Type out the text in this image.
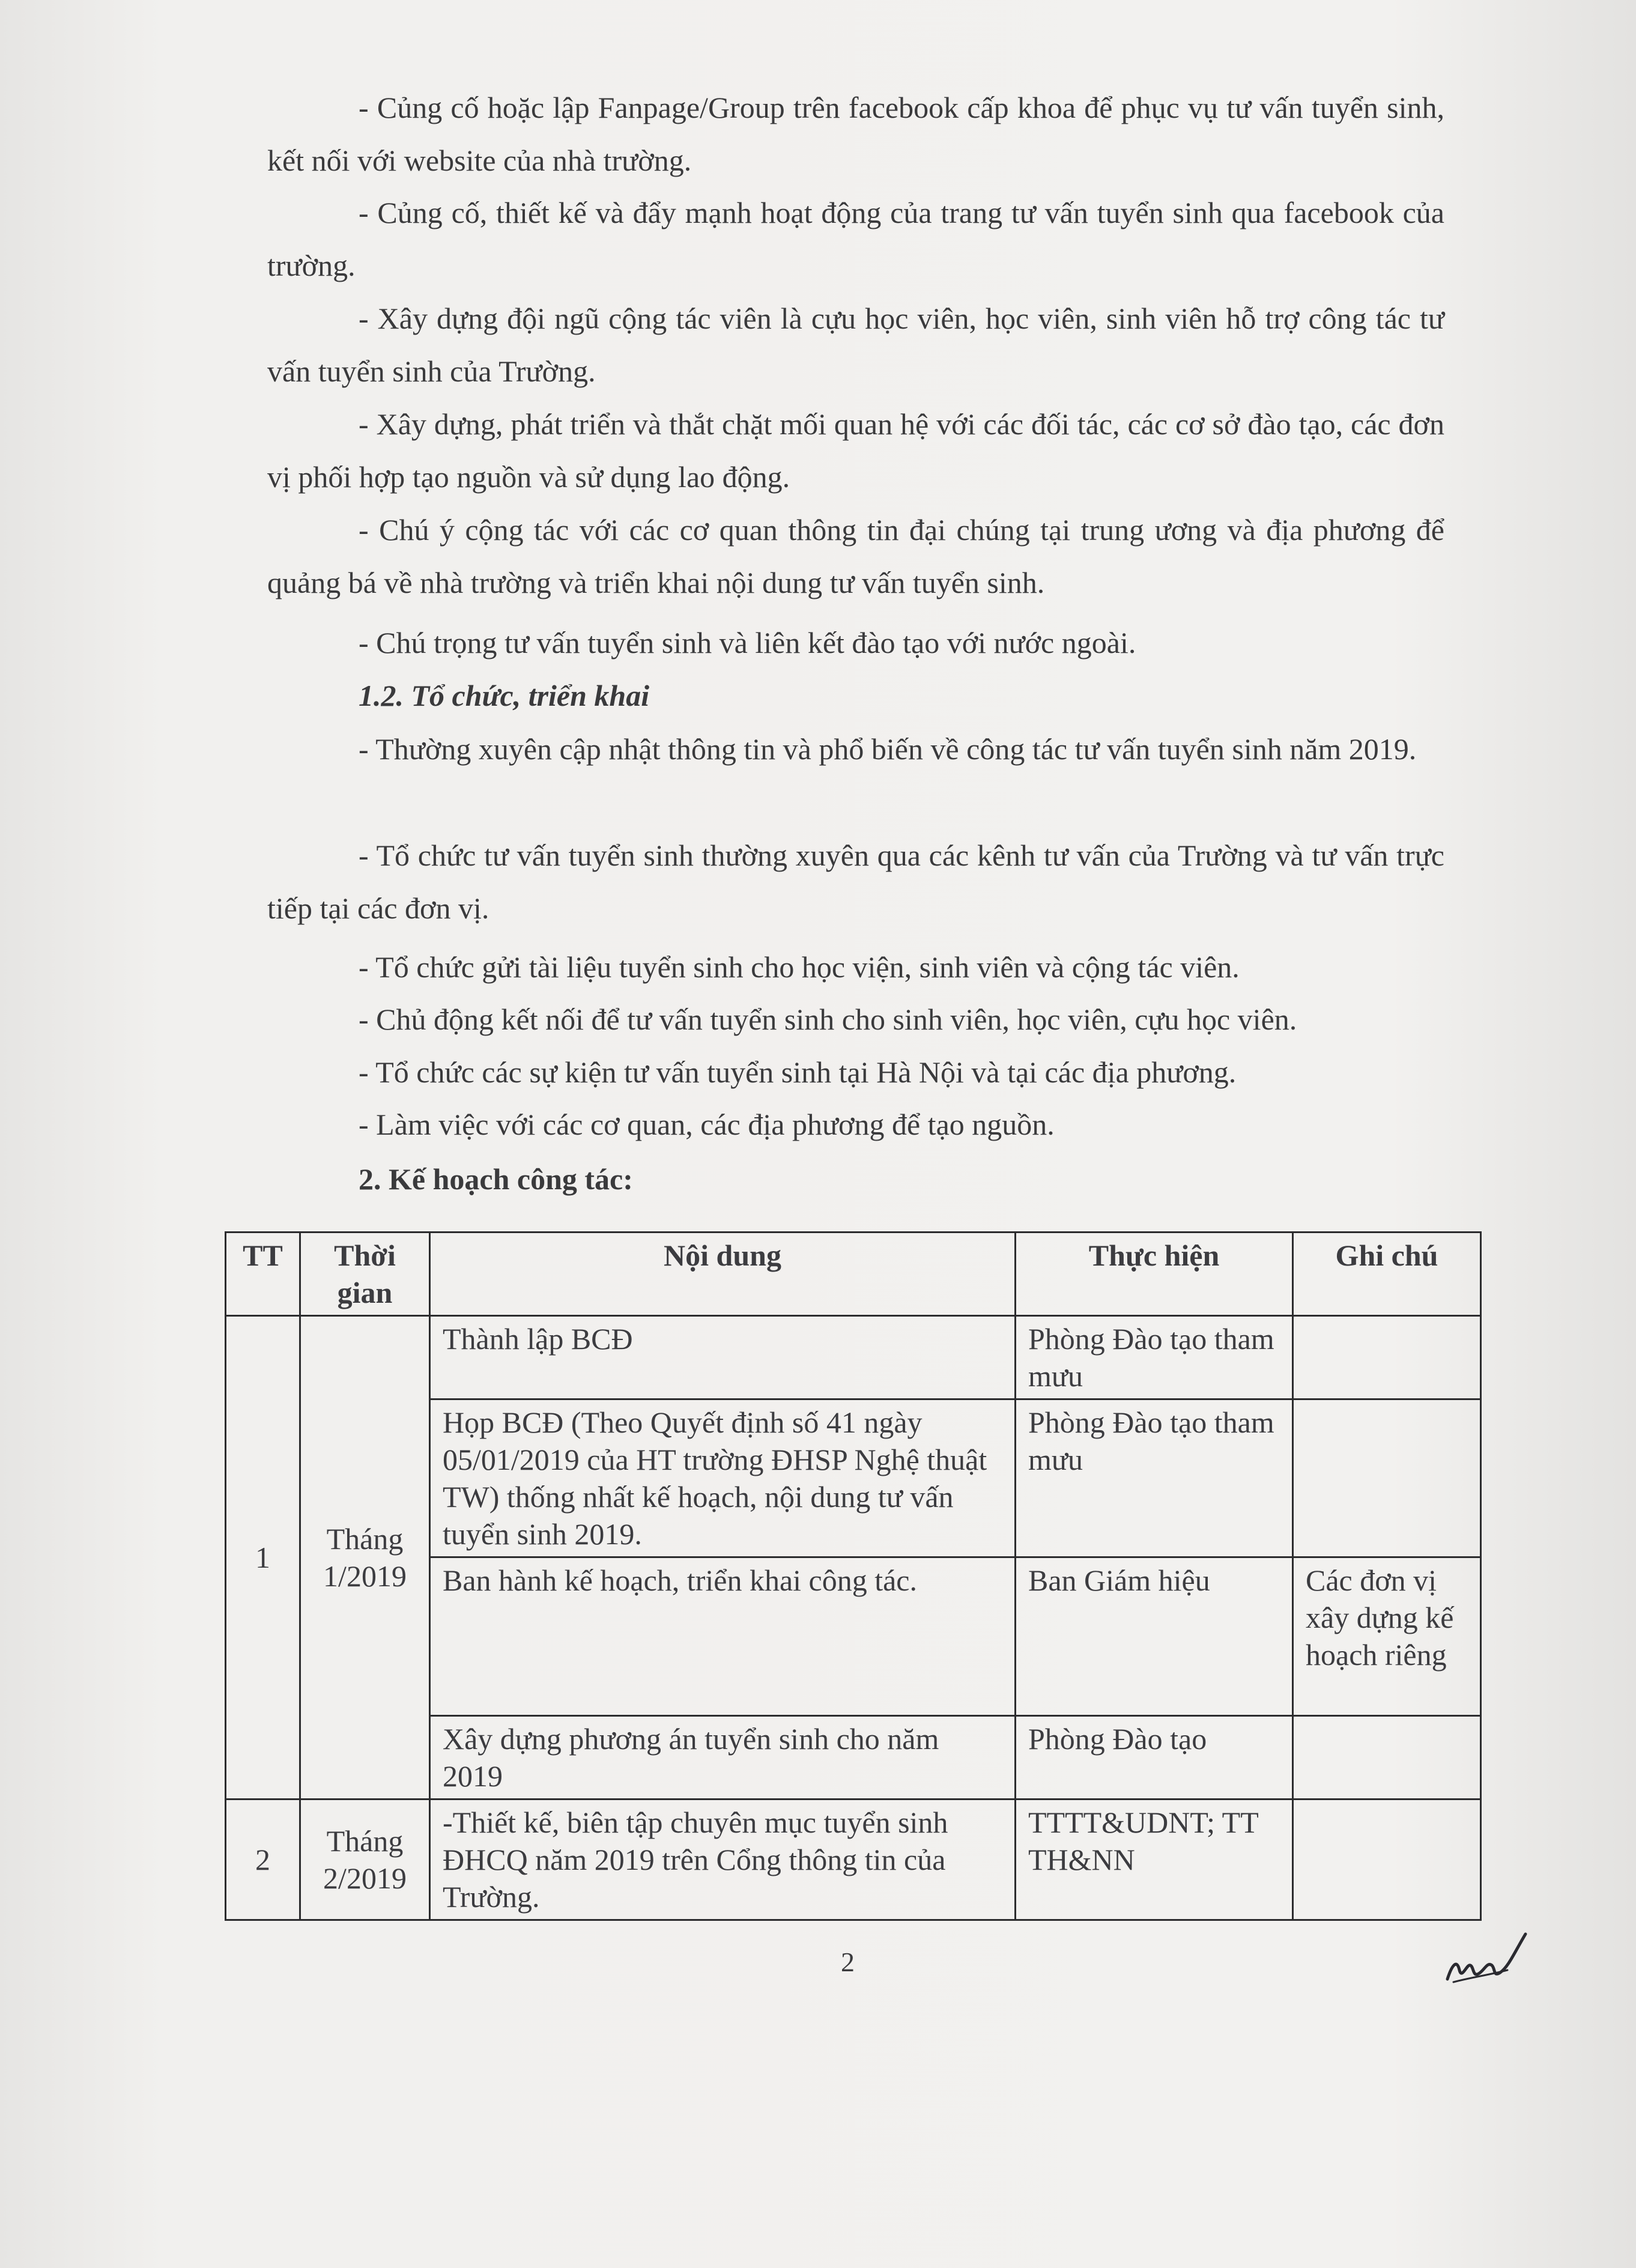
- Củng cố hoặc lập Fanpage/Group trên facebook cấp khoa để phục vụ tư vấn tuyển sinh, kết nối với website của nhà trường.

- Củng cố, thiết kế và đẩy mạnh hoạt động của trang tư vấn tuyển sinh qua facebook của trường.

- Xây dựng đội ngũ cộng tác viên là cựu học viên, học viên, sinh viên hỗ trợ công tác tư vấn tuyển sinh của Trường.

- Xây dựng, phát triển và thắt chặt mối quan hệ với các đối tác, các cơ sở đào tạo, các đơn vị phối hợp tạo nguồn và sử dụng lao động.

- Chú ý cộng tác với các cơ quan thông tin đại chúng tại trung ương và địa phương để quảng bá về nhà trường và triển khai nội dung tư vấn tuyển sinh.

- Chú trọng tư vấn tuyển sinh và liên kết đào tạo với nước ngoài.

1.2. Tổ chức, triển khai

- Thường xuyên cập nhật thông tin và phổ biến về công tác tư vấn tuyển sinh năm 2019.

- Tổ chức tư vấn tuyển sinh thường xuyên qua các kênh tư vấn của Trường và tư vấn trực tiếp tại các đơn vị.

- Tổ chức gửi tài liệu tuyển sinh cho học viện, sinh viên và cộng tác viên.

- Chủ động kết nối để tư vấn tuyển sinh cho sinh viên, học viên, cựu học viên.

- Tổ chức các sự kiện tư vấn tuyển sinh tại Hà Nội và tại các địa phương.

- Làm việc với các cơ quan, các địa phương để tạo nguồn.

2. Kế hoạch công tác:

TT	Thời gian	Nội dung	Thực hiện	Ghi chú
1	Tháng 1/2019	Thành lập BCĐ	Phòng Đào tạo tham mưu	
		Họp BCĐ (Theo Quyết định số 41 ngày 05/01/2019 của HT trường ĐHSP Nghệ thuật TW) thống nhất kế hoạch, nội dung tư vấn tuyển sinh 2019.	Phòng Đào tạo tham mưu	
		Ban hành kế hoạch, triển khai công tác.	Ban Giám hiệu	Các đơn vị xây dựng kế hoạch riêng
		Xây dựng phương án tuyển sinh cho năm 2019	Phòng Đào tạo	
2	Tháng 2/2019	-Thiết kế, biên tập chuyên mục tuyển sinh ĐHCQ năm 2019 trên Cổng thông tin của Trường.	TTTT&UDNT; TT TH&NN	
2
